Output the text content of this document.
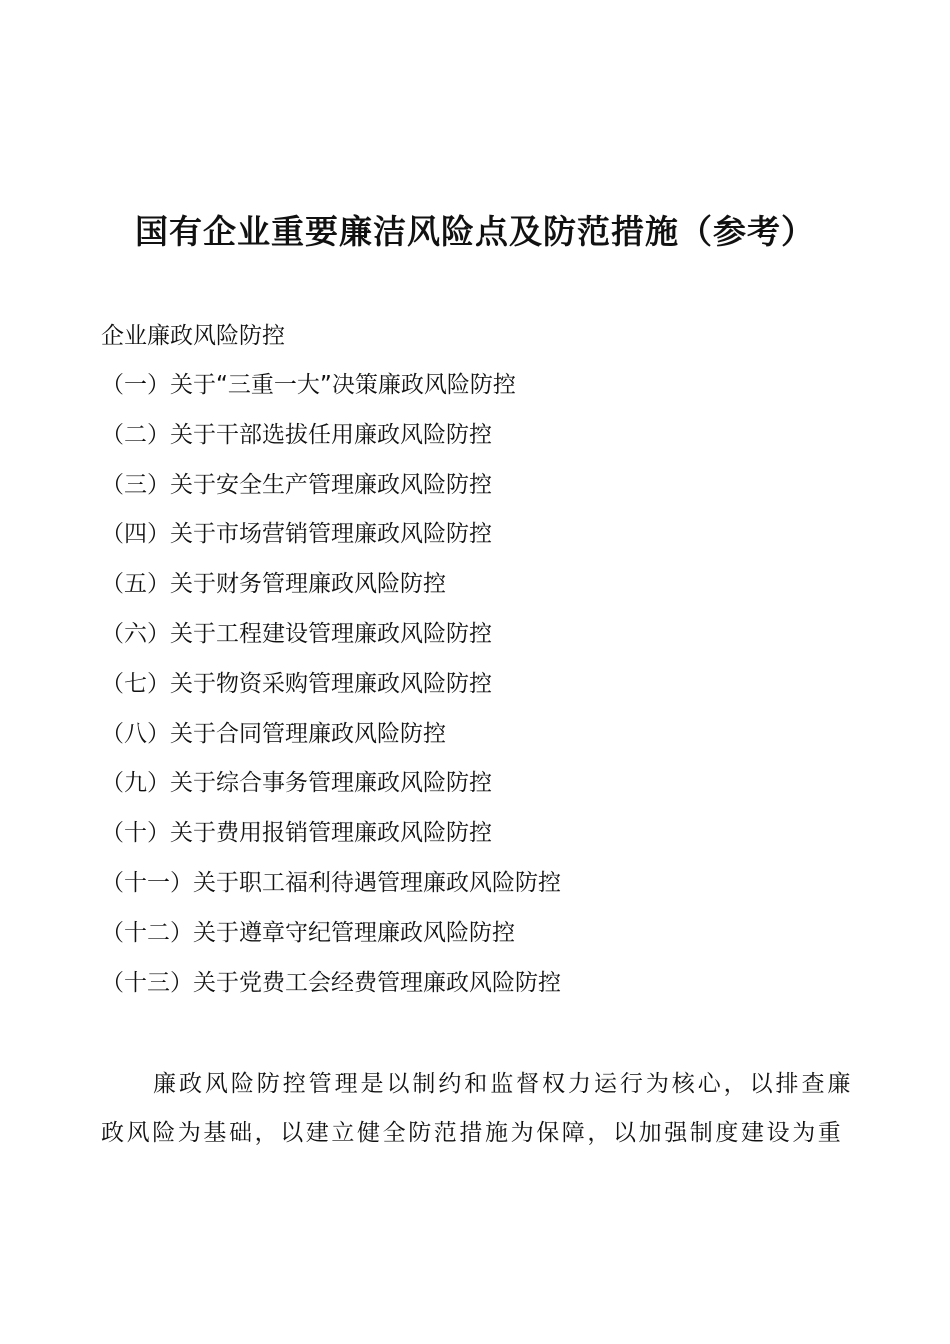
国有企业重要廉洁风险点及防范措施（参考）

企业廉政风险防控

（一）关于“三重一大”决策廉政风险防控
（二）关于干部选拔任用廉政风险防控
（三）关于安全生产管理廉政风险防控
（四）关于市场营销管理廉政风险防控
（五）关于财务管理廉政风险防控
（六）关于工程建设管理廉政风险防控
（七）关于物资采购管理廉政风险防控
（八）关于合同管理廉政风险防控
（九）关于综合事务管理廉政风险防控
（十）关于费用报销管理廉政风险防控
（十一）关于职工福利待遇管理廉政风险防控
（十二）关于遵章守纪管理廉政风险防控
（十三）关于党费工会经费管理廉政风险防控

廉政风险防控管理是以制约和监督权力运行为核心，以排查廉政风险为基础，以建立健全防范措施为保障，以加强制度建设为重
